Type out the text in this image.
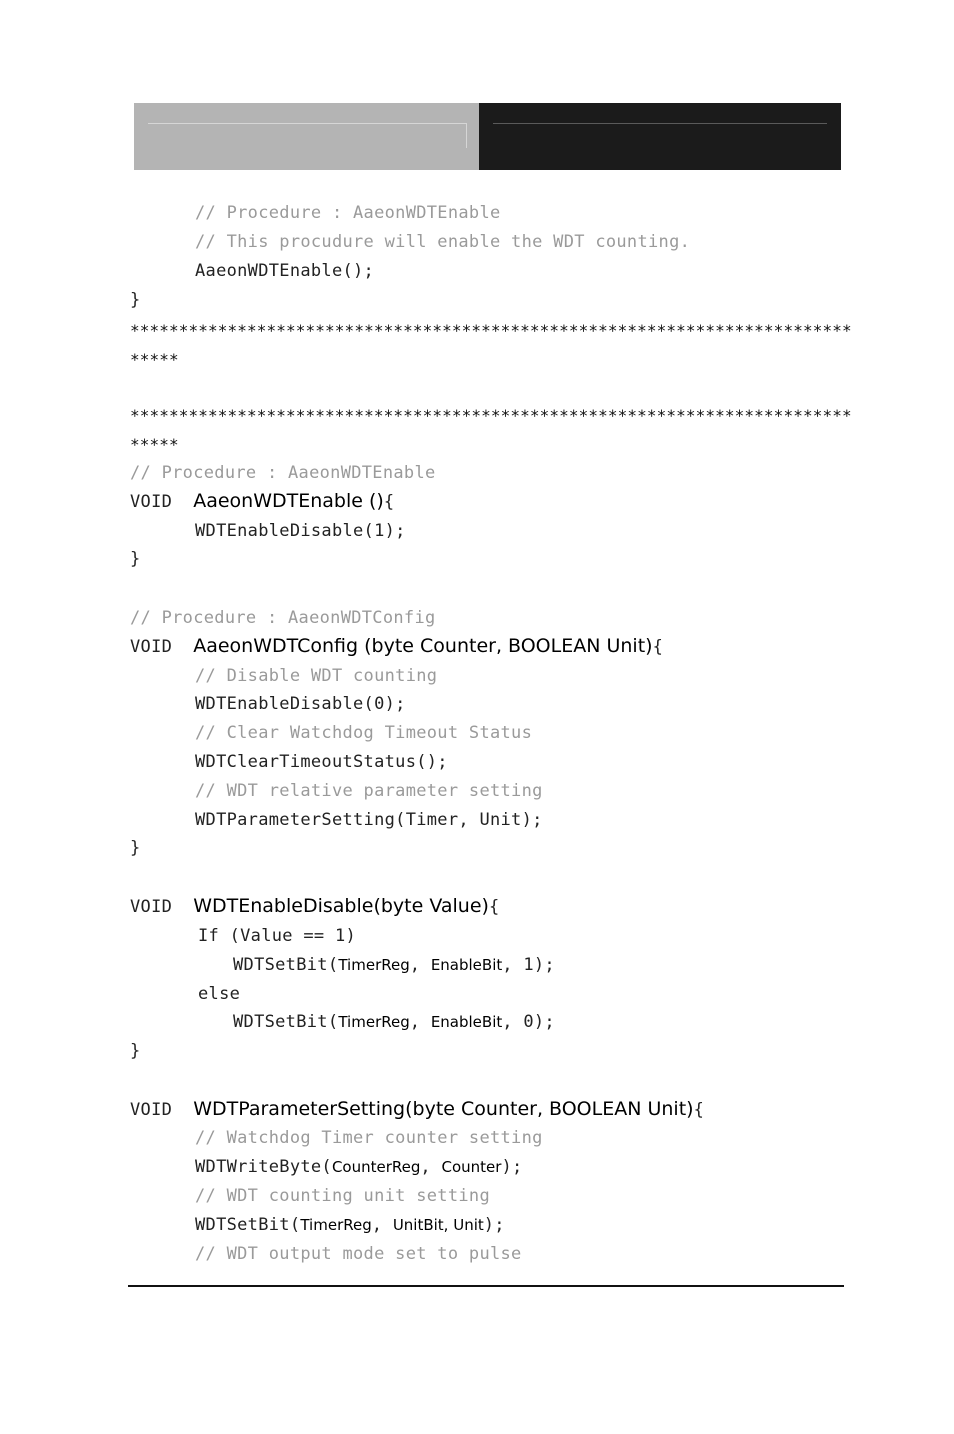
// Procedure : AaeonWDTEnable
// This procudure will enable the WDT counting.
AaeonWDTEnable();
}
**************************************************************************
*****
**************************************************************************
*****
// Procedure : AaeonWDTEnable
VOID AaeonWDTEnable (){
WDTEnableDisable(1);
}
// Procedure : AaeonWDTConfig
VOID AaeonWDTConfig (byte Counter, BOOLEAN Unit){
// Disable WDT counting
WDTEnableDisable(0);
// Clear Watchdog Timeout Status
WDTClearTimeoutStatus();
// WDT relative parameter setting
WDTParameterSetting(Timer, Unit);
}
VOID WDTEnableDisable(byte Value){
If (Value == 1)
WDTSetBit(TimerReg, EnableBit, 1);
else
WDTSetBit(TimerReg, EnableBit, 0);
}
VOID WDTParameterSetting(byte Counter, BOOLEAN Unit){
// Watchdog Timer counter setting
WDTWriteByte(CounterReg, Counter);
// WDT counting unit setting
WDTSetBit(TimerReg, UnitBit, Unit);
// WDT output mode set to pulse
